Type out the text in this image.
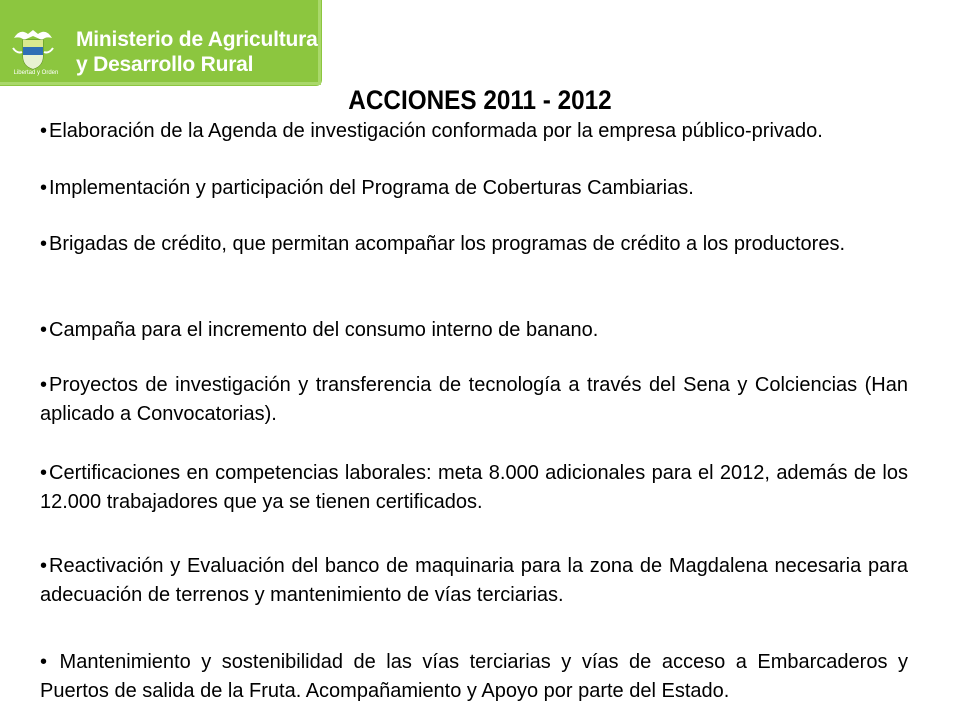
Libertad y Orden
Ministerio de Agricultura
y Desarrollo Rural
ACCIONES 2011 - 2012
• Elaboración de la Agenda de investigación conformada por la empresa público-privado.
• Implementación y participación del Programa de Coberturas Cambiarias.
• Brigadas de crédito, que permitan acompañar los programas de crédito a los productores.
• Campaña para el incremento del consumo interno de banano.
• Proyectos de investigación y transferencia de tecnología a través del Sena y Colciencias (Han aplicado a Convocatorias).
• Certificaciones en competencias laborales: meta 8.000 adicionales para el 2012, además de los 12.000 trabajadores que ya se tienen certificados.
• Reactivación y Evaluación del banco de maquinaria para la zona de Magdalena necesaria para adecuación de terrenos y mantenimiento de vías terciarias.
• Mantenimiento y sostenibilidad de las vías terciarias y vías de acceso a Embarcaderos y Puertos de salida de la Fruta. Acompañamiento y Apoyo por parte del Estado.
